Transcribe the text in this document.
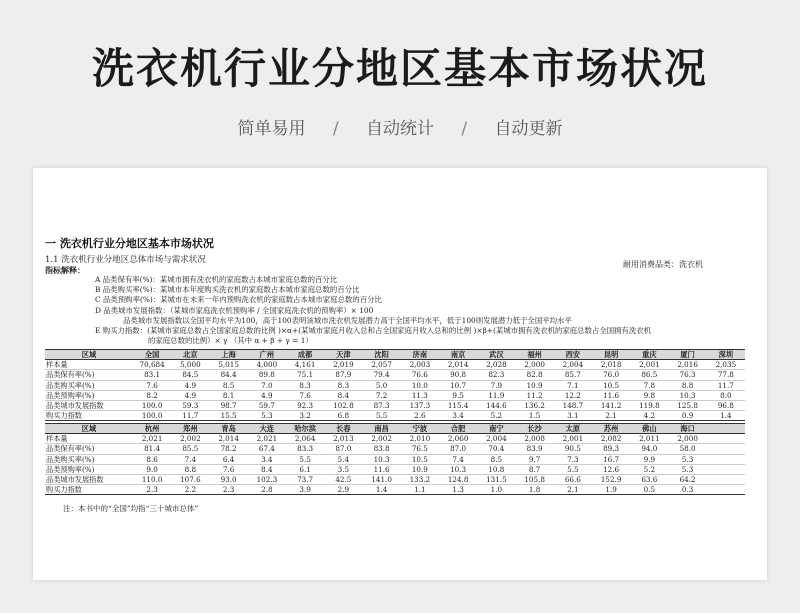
洗衣机行业分地区基本市场状况
简单易用 / 自动统计 / 自动更新
一 洗衣机行业分地区基本市场状况
1.1 洗衣机行业分地区总体市场与需求状况	耐用消费品类：洗衣机
指标解释：
A 品类保有率(%)：某城市拥有洗衣机的家庭数占本城市家庭总数的百分比
B 品类购买率(%)：某城市本年度购买洗衣机的家庭数占本城市家庭总数的百分比
C 品类预购率(%)：某城市在未来一年内预购洗衣机的家庭数占本城市家庭总数的百分比
D 品类城市发展指数：（某城市家庭洗衣机预购率 / 全国家庭洗衣机的预购率）× 100
品类城市发展指数以全国平均水平为100，高于100表明该城市洗衣机发展潜力高于全国平均水平，低于100则发展潜力低于全国平均水平
E 购买力指数：(某城市家庭总数占全国家庭总数的比例 )×α+(某城市家庭月收入总和占全国家庭月收入总和的比例 )×β+(某城市拥有洗衣机的家庭总数占全国拥有洗衣机
的家庭总数的比例）× γ （其中 α + β + γ = 1）
区域	全国	北京	上海	广州	成都	天津	沈阳	济南	南京	武汉	福州	西安	昆明	重庆	厦门	深圳
样本量	70,684	5,000	5,015	4,000	4,161	2,019	2,057	2,003	2,014	2,028	2,000	2,004	2,018	2,001	2,016	2,035
品类保有率(%)	83.1	84.5	84.4	89.8	75.1	87.9	79.4	76.6	90.8	82.3	82.8	85.7	76.0	86.5	76.3	77.8
品类购买率(%)	7.6	4.9	8.5	7.0	8.3	8.3	5.0	10.0	10.7	7.9	10.9	7.1	10.5	7.8	8.8	11.7
品类预购率(%)	8.2	4.9	8.1	4.9	7.6	8.4	7.2	11.3	9.5	11.9	11.2	12.2	11.6	9.8	10.3	8.0
品类城市发展指数	100.0	59.3	98.7	59.7	92.3	102.8	87.3	137.3	115.4	144.6	136.2	148.7	141.2	119.8	125.8	96.8
购买力指数	100.0	11.7	15.5	5.3	3.2	6.8	5.5	2.6	3.4	5.2	1.5	3.1	2.1	4.2	0.9	1.4
区域	杭州	郑州	青岛	大连	哈尔滨	长春	南昌	宁波	合肥	南宁	长沙	太原	苏州	佛山	海口	
样本量	2,021	2,002	2,014	2,021	2,064	2,013	2,002	2,010	2,060	2,004	2,008	2,001	2,082	2,011	2,000	
品类保有率(%)	81.4	85.5	78.2	67.4	83.3	87.0	83.8	76.5	87.0	70.4	83.9	90.5	89.3	94.0	58.0	
品类购买率(%)	8.6	7.4	6.4	3.4	5.5	5.4	10.3	10.5	7.4	8.5	9.7	7.3	16.7	9.9	5.3	
品类预购率(%)	9.0	8.8	7.6	8.4	6.1	3.5	11.6	10.9	10.3	10.8	8.7	5.5	12.6	5.2	5.3	
品类城市发展指数	110.0	107.6	93.0	102.3	73.7	42.5	141.0	133.2	124.8	131.5	105.8	66.6	152.9	63.6	64.2	
购买力指数	2.3	2.2	2.3	2.8	3.9	2.9	1.4	1.1	1.3	1.0	1.8	2.1	1.9	0.5	0.3	
注：本书中的“全国”均指“三十城市总体”
